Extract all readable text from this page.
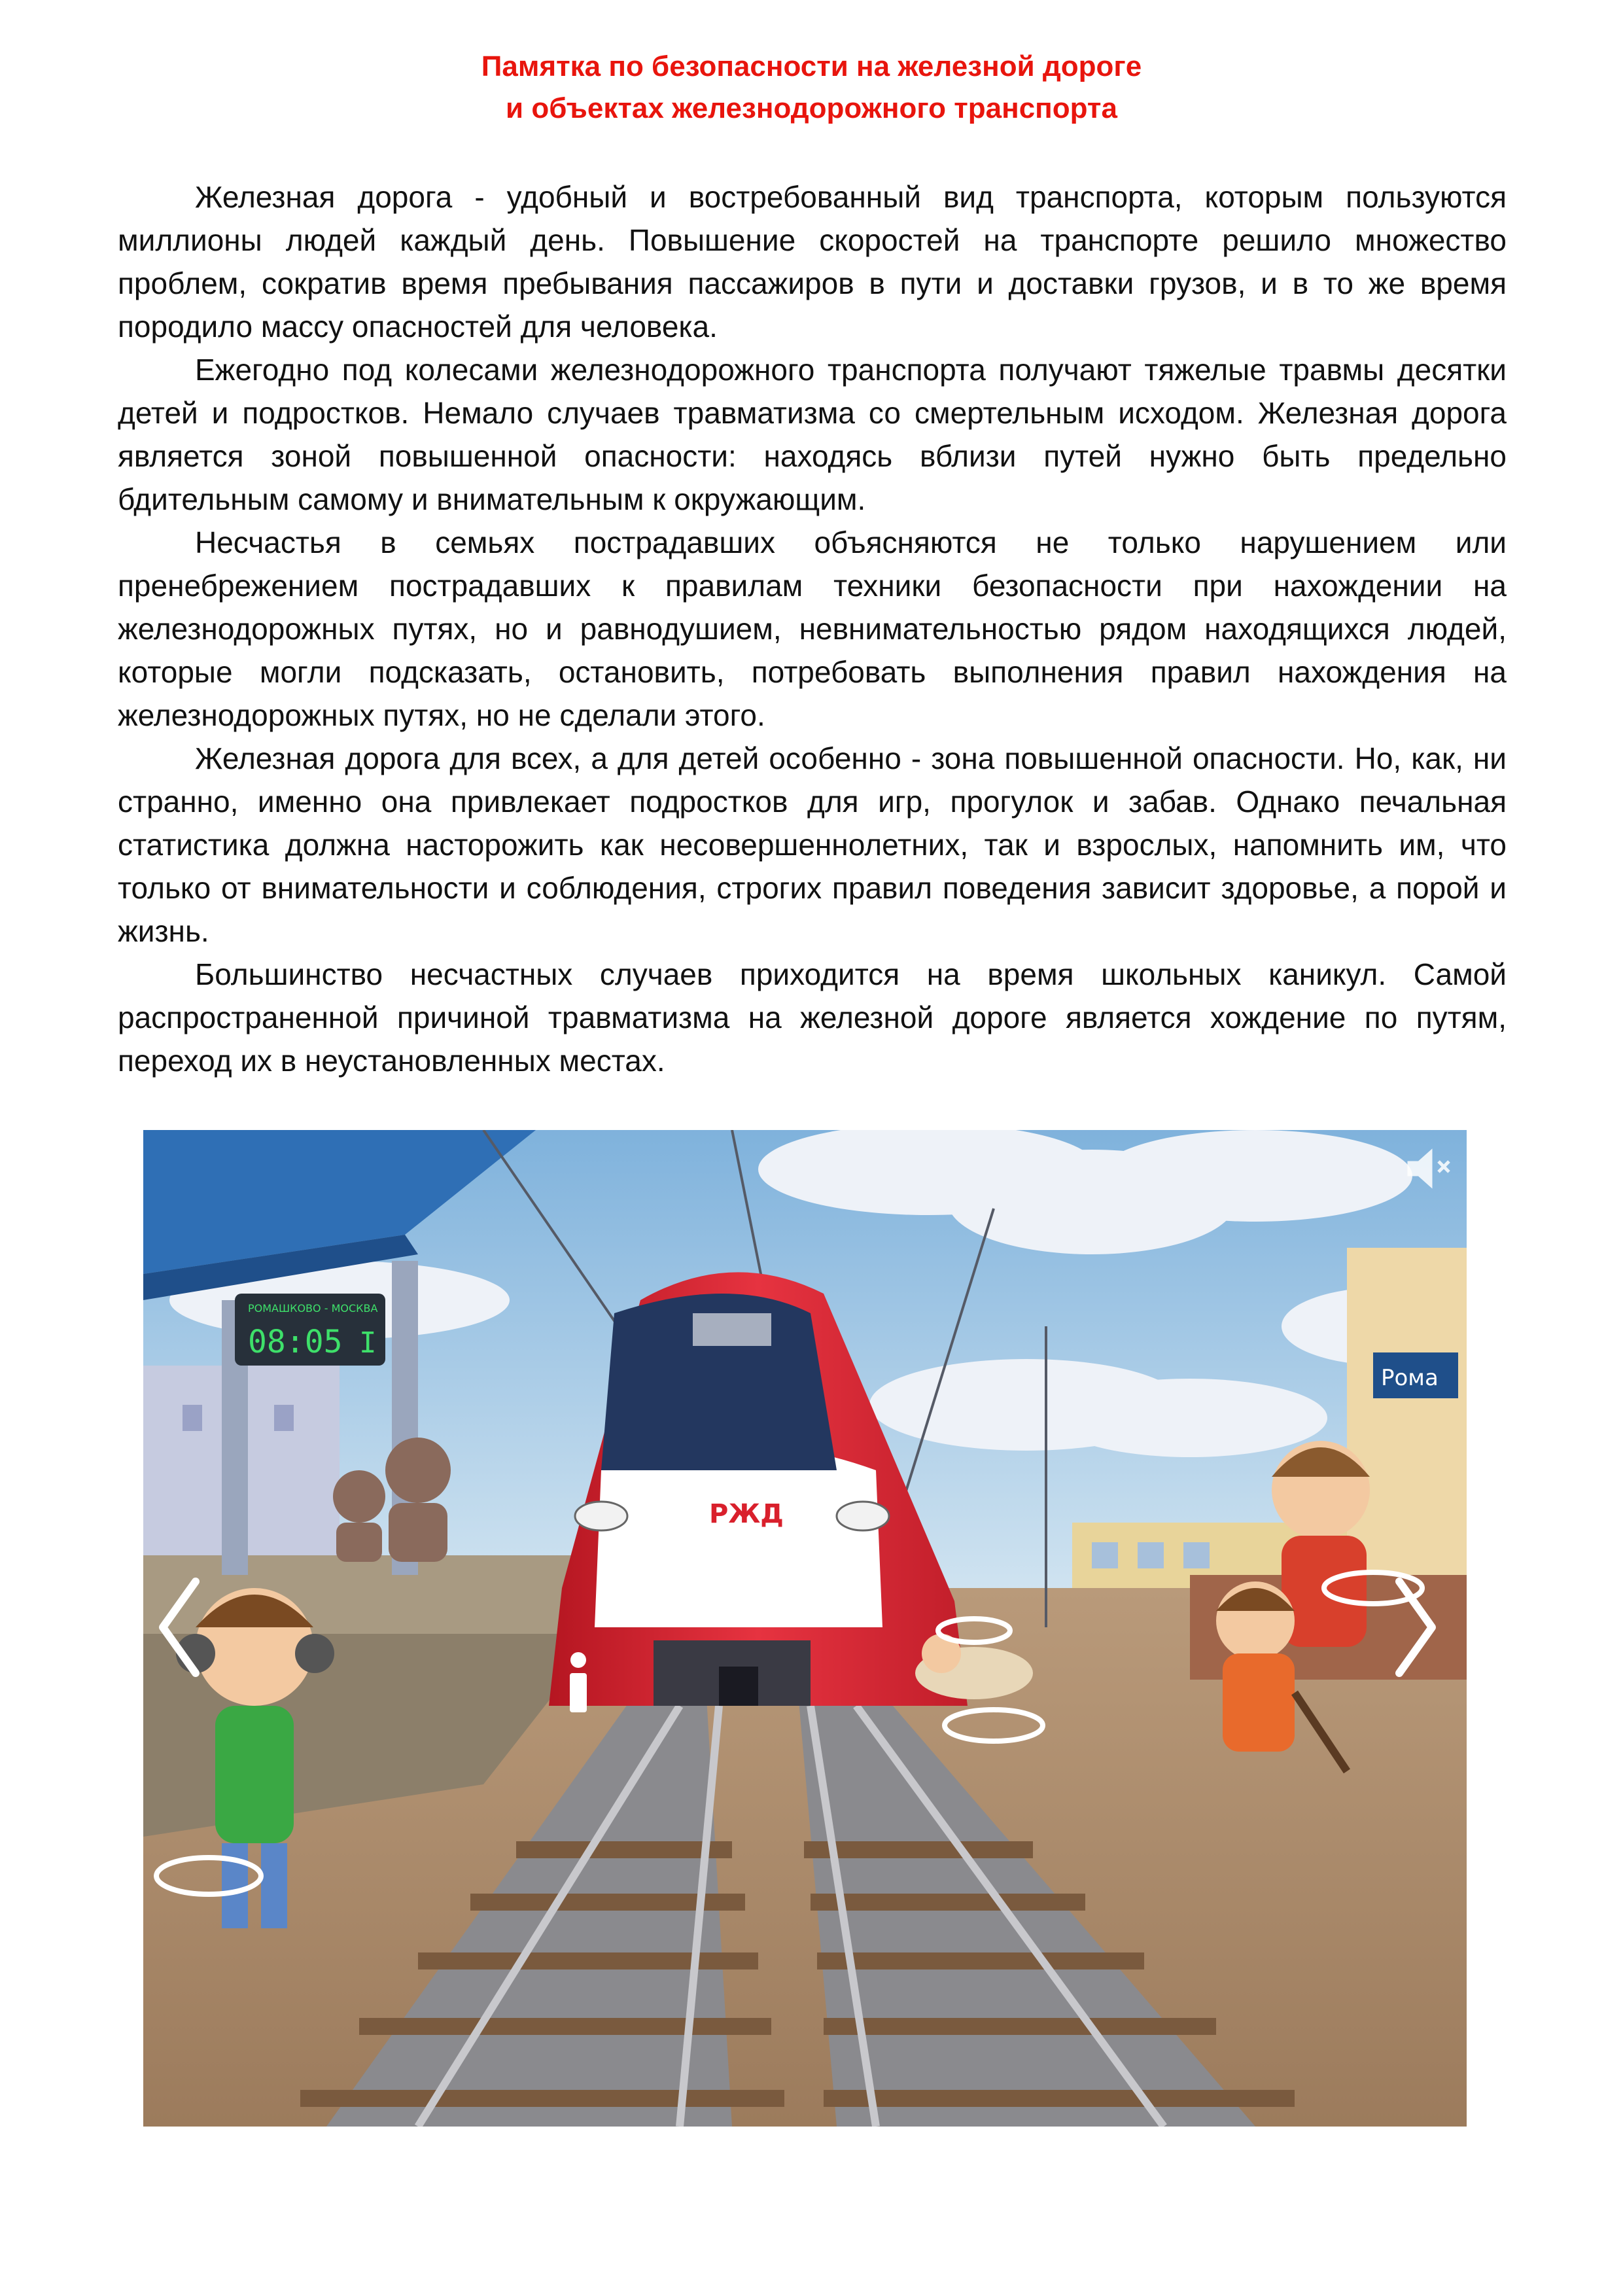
Памятка по безопасности на железной дороге
и объектах железнодорожного транспорта

Железная дорога - удобный и востребованный вид транспорта, которым пользуются миллионы людей каждый день. Повышение скоростей на транспорте решило множество проблем, сократив время пребывания пассажиров в пути и доставки грузов, и в то же время породило массу опасностей для человека.

Ежегодно под колесами железнодорожного транспорта получают тяжелые травмы десятки детей и подростков. Немало случаев травматизма со смертельным исходом. Железная дорога является зоной повышенной опасности: находясь вблизи путей нужно быть предельно бдительным самому и внимательным к окружающим.

Несчастья в семьях пострадавших объясняются не только нарушением или пренебрежением пострадавших к правилам техники безопасности при нахождении на железнодорожных путях, но и равнодушием, невнимательностью рядом находящихся людей, которые могли подсказать, остановить, потребовать выполнения правил нахождения на железнодорожных путях, но не сделали этого.

Железная дорога для всех, а для детей особенно - зона повышенной опасности. Но, как, ни странно, именно она привлекает подростков для игр, прогулок и забав. Однако печальная статистика должна насторожить как несовершеннолетних, так и взрослых, напомнить им, что только от внимательности и соблюдения, строгих правил поведения зависит здоровье, а порой и жизнь.

Большинство несчастных случаев приходится на время школьных каникул. Самой распространенной причиной травматизма на железной дороге является хождение по путям, переход их в неустановленных местах.

РОМАШКОВО - МОСКВА
08:05 I
Рома
РЖД
